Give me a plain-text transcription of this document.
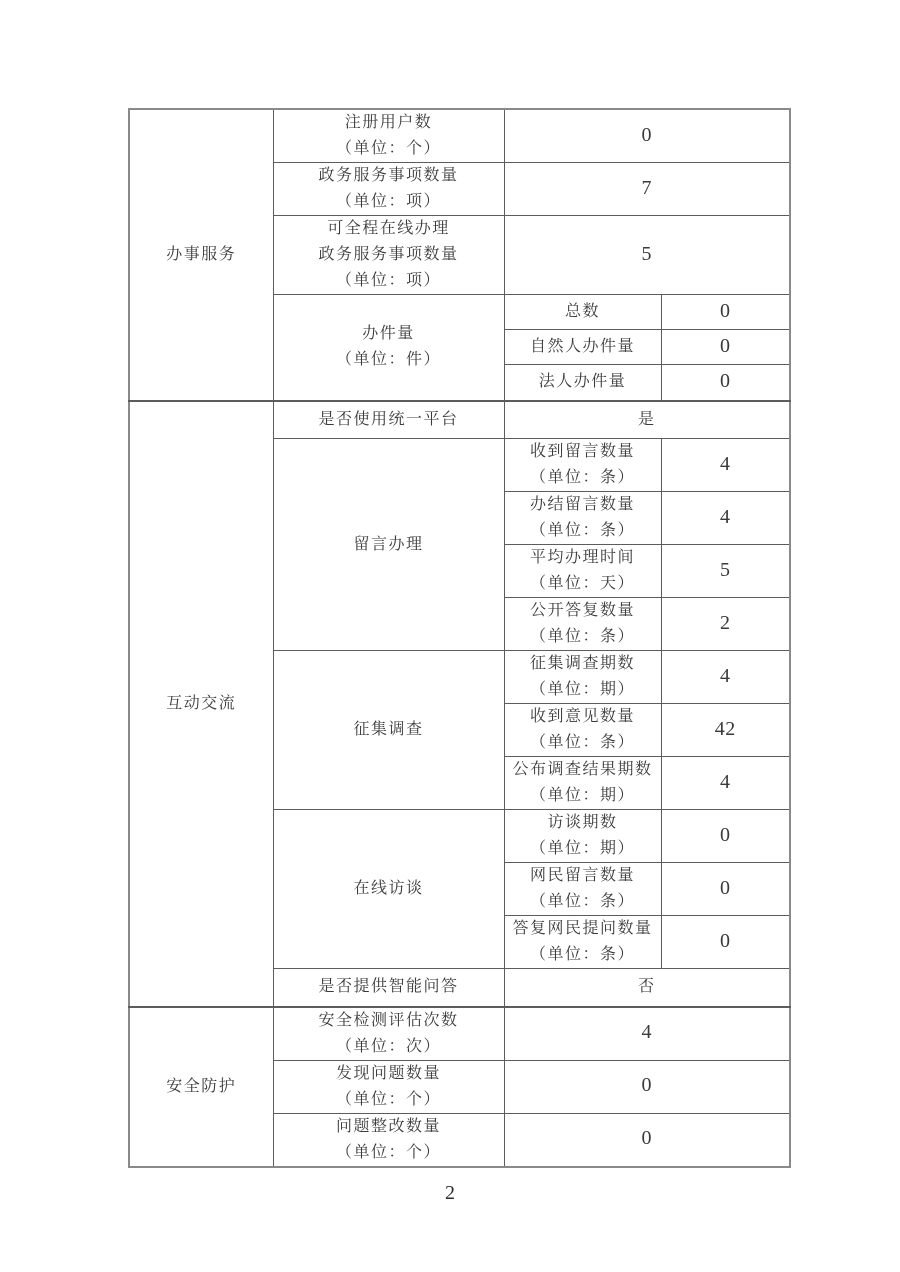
办事服务	注册用户数
（单位：个）	0	

	政务服务事项数量
（单位：项）	7	

	可全程在线办理
政务服务事项数量
（单位：项）	5	

	办件量
（单位：件）	总数	0
		自然人办件量	0
		法人办件量	0
互动交流	是否使用统一平台	是	
	留言办理	收到留言数量
（单位：条）	4

		办结留言数量
（单位：条）	4

		平均办理时间
（单位：天）	5

		公开答复数量
（单位：条）	2
	征集调查	征集调查期数
（单位：期）	4

		收到意见数量
（单位：条）	42

		公布调查结果期数
（单位：期）	4
	在线访谈	访谈期数
（单位：期）	0

		网民留言数量
（单位：条）	0

		答复网民提问数量
（单位：条）	0
	是否提供智能问答	否	
安全防护	安全检测评估次数
（单位：次）	4	

	发现问题数量
（单位：个）	0	

	问题整改数量
（单位：个）	0	
2
